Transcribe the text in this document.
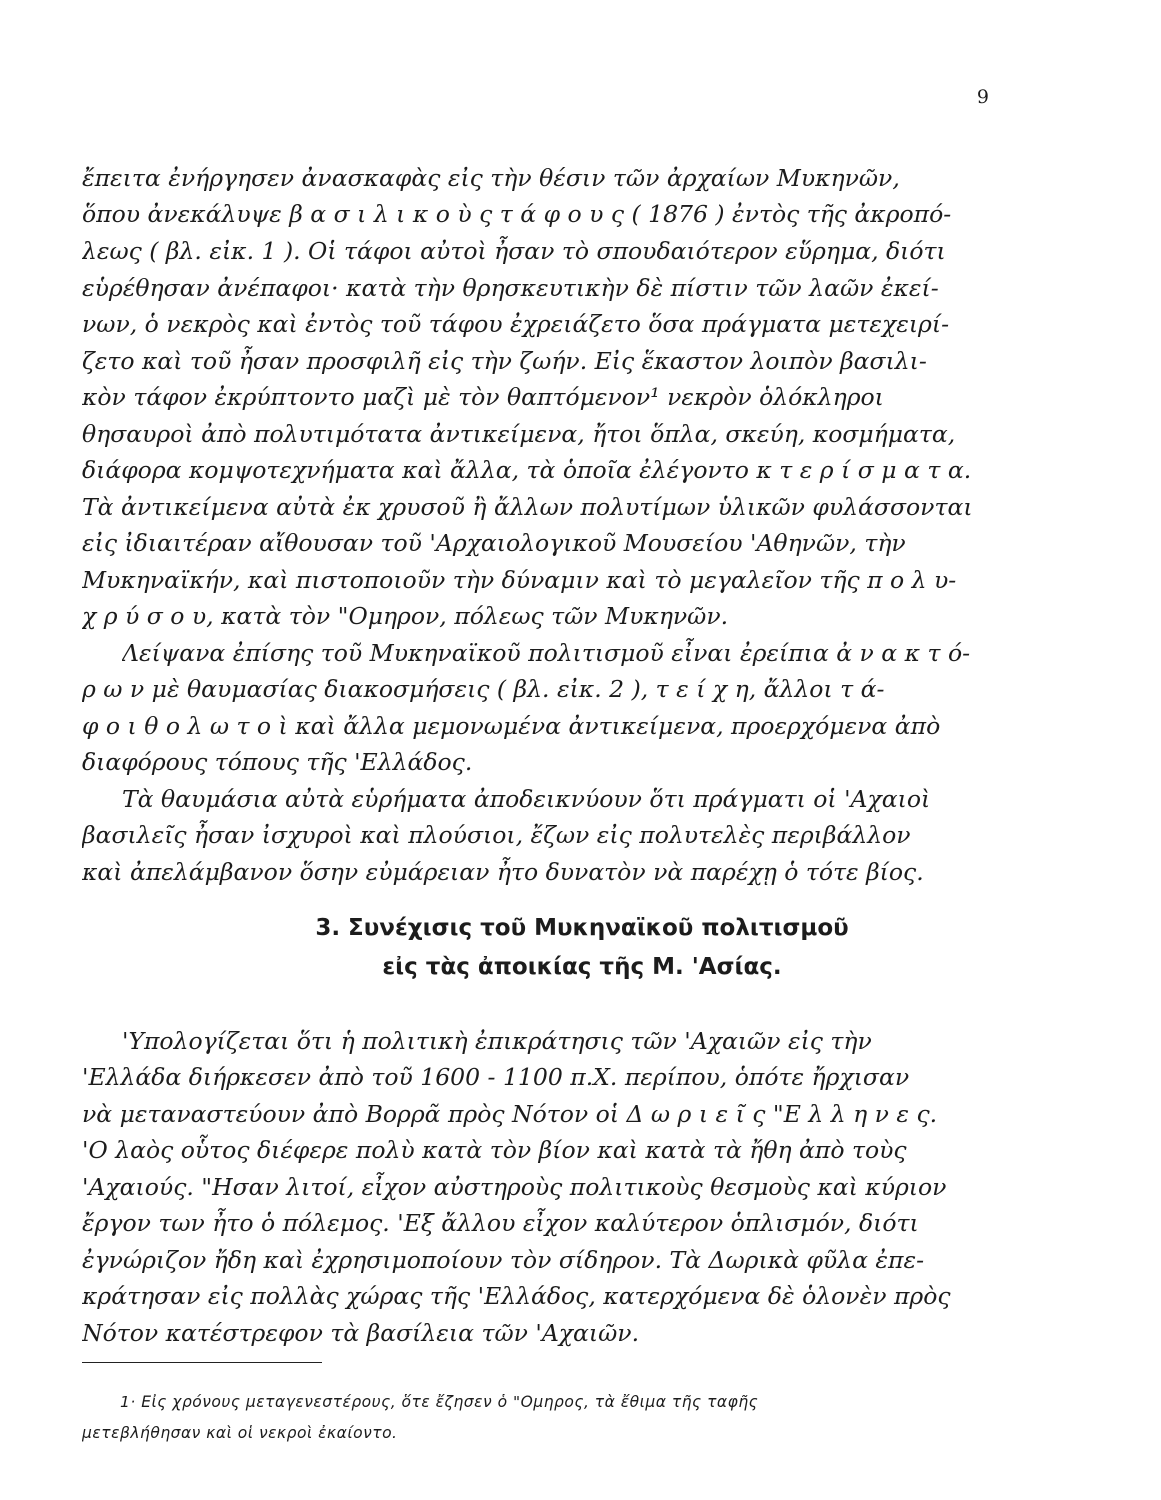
9
ἔπειτα ἐνήργησεν ἀνασκαφὰς εἰς τὴν θέσιν τῶν ἀρχαίων Μυκηνῶν,
ὅπου ἀνεκάλυψε β α σ ι λ ι κ ο ὺ ς τ ά φ ο υ ς ( 1876 ) ἐντὸς τῆς ἀκροπό-
λεως ( βλ. εἰκ. 1 ). Οἱ τάφοι αὐτοὶ ἦσαν τὸ σπουδαιότερον εὕρημα, διότι
εὑρέθησαν ἀνέπαφοι· κατὰ τὴν θρησκευτικὴν δὲ πίστιν τῶν λαῶν ἐκεί-
νων, ὁ νεκρὸς καὶ ἐντὸς τοῦ τάφου ἐχρειάζετο ὅσα πράγματα μετεχειρί-
ζετο καὶ τοῦ ἦσαν προσφιλῆ εἰς τὴν ζωήν. Εἰς ἕκαστον λοιπὸν βασιλι-
κὸν τάφον ἐκρύπτοντο μαζὶ μὲ τὸν θαπτόμενον¹ νεκρὸν ὁλόκληροι
θησαυροὶ ἀπὸ πολυτιμότατα ἀντικείμενα, ἤτοι ὅπλα, σκεύη, κοσμήματα,
διάφορα κομψοτεχνήματα καὶ ἄλλα, τὰ ὁποῖα ἐλέγοντο κ τ ε ρ ί σ μ α τ α.
Τὰ ἀντικείμενα αὐτὰ ἐκ χρυσοῦ ἢ ἄλλων πολυτίμων ὑλικῶν φυλάσσονται
εἰς ἰδιαιτέραν αἴθουσαν τοῦ 'Αρχαιολογικοῦ Μουσείου 'Αθηνῶν, τὴν
Μυκηναϊκήν, καὶ πιστοποιοῦν τὴν δύναμιν καὶ τὸ μεγαλεῖον τῆς π ο λ υ-
χ ρ ύ σ ο υ, κατὰ τὸν "Ομηρον, πόλεως τῶν Μυκηνῶν.
Λείψανα ἐπίσης τοῦ Μυκηναϊκοῦ πολιτισμοῦ εἶναι ἐρείπια ἀ ν α κ τ ό-
ρ ω ν μὲ θαυμασίας διακοσμήσεις ( βλ. εἰκ. 2 ), τ ε ί χ η, ἄλλοι τ ά-
φ ο ι θ ο λ ω τ ο ὶ καὶ ἄλλα μεμονωμένα ἀντικείμενα, προερχόμενα ἀπὸ
διαφόρους τόπους τῆς 'Ελλάδος.
Τὰ θαυμάσια αὐτὰ εὑρήματα ἀποδεικνύουν ὅτι πράγματι οἱ 'Αχαιοὶ
βασιλεῖς ἦσαν ἰσχυροὶ καὶ πλούσιοι, ἔζων εἰς πολυτελὲς περιβάλλον
καὶ ἀπελάμβανον ὅσην εὐμάρειαν ἦτο δυνατὸν νὰ παρέχῃ ὁ τότε βίος.
3. Συνέχισις τοῦ Μυκηναϊκοῦ πολιτισμοῦ
εἰς τὰς ἀποικίας τῆς Μ. 'Ασίας.
'Υπολογίζεται ὅτι ἡ πολιτικὴ ἐπικράτησις τῶν 'Αχαιῶν εἰς τὴν
'Ελλάδα διήρκεσεν ἀπὸ τοῦ 1600 - 1100 π.Χ. περίπου, ὁπότε ἤρχισαν
νὰ μεταναστεύουν ἀπὸ Βορρᾶ πρὸς Νότον οἱ Δ ω ρ ι ε ῖ ς "Ε λ λ η ν ε ς.
'Ο λαὸς οὗτος διέφερε πολὺ κατὰ τὸν βίον καὶ κατὰ τὰ ἤθη ἀπὸ τοὺς
'Αχαιούς. "Ησαν λιτοί, εἶχον αὐστηροὺς πολιτικοὺς θεσμοὺς καὶ κύριον
ἔργον των ἦτο ὁ πόλεμος. 'Εξ ἄλλου εἶχον καλύτερον ὁπλισμόν, διότι
ἐγνώριζον ἤδη καὶ ἐχρησιμοποίουν τὸν σίδηρον. Τὰ Δωρικὰ φῦλα ἐπε-
κράτησαν εἰς πολλὰς χώρας τῆς 'Ελλάδος, κατερχόμενα δὲ ὁλονὲν πρὸς
Νότον κατέστρεφον τὰ βασίλεια τῶν 'Αχαιῶν.
1· Εἰς χρόνους μεταγενεστέρους, ὅτε ἔζησεν ὁ "Ομηρος, τὰ ἔθιμα τῆς ταφῆς
μετεβλήθησαν καὶ οἱ νεκροὶ ἐκαίοντο.
